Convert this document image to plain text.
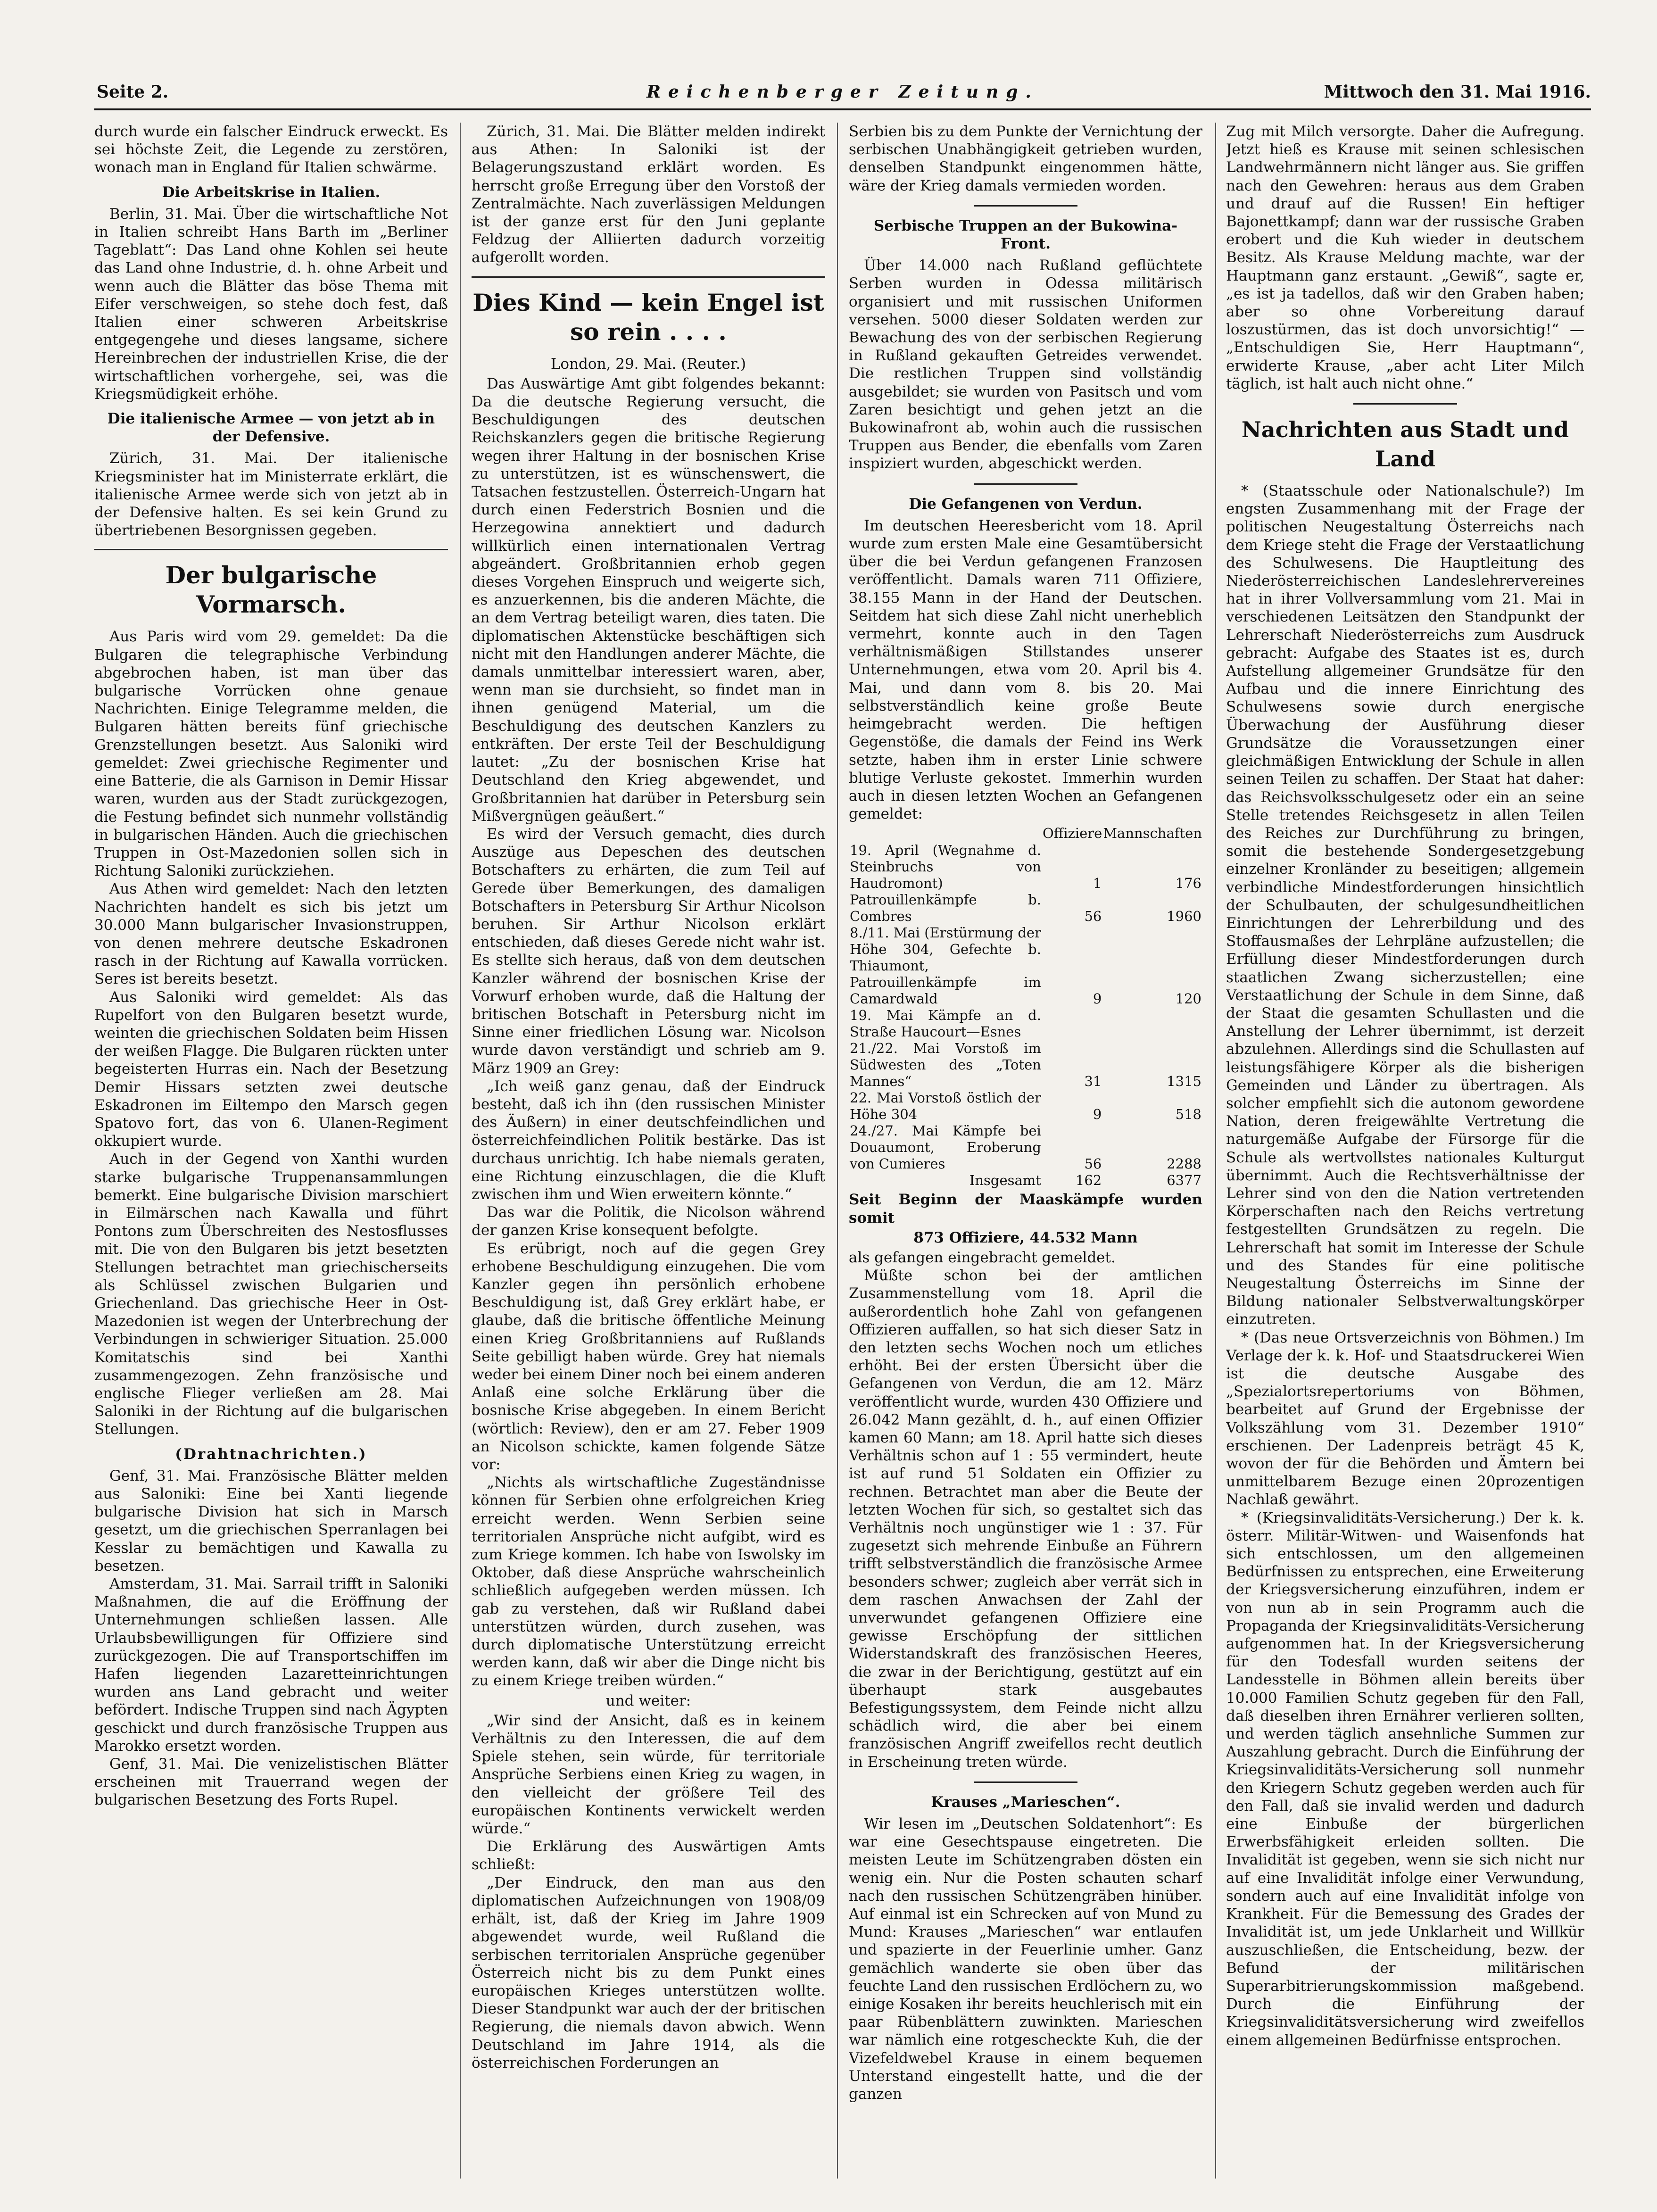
Seite 2.	Reichenberger Zeitung.	Mittwoch den 31. Mai 1916.

durch wurde ein falscher Eindruck erweckt. Es sei höchste Zeit, die Legende zu zerstören, wonach man in England für Italien schwärme.

Die Arbeitskrise in Italien.

Berlin, 31. Mai. Über die wirtschaftliche Not in Italien schreibt Hans Barth im „Berliner Tageblatt“: Das Land ohne Kohlen sei heute das Land ohne Industrie, d. h. ohne Arbeit und wenn auch die Blätter das böse Thema mit Eifer verschweigen, so stehe doch fest, daß Italien einer schweren Arbeitskrise entgegengehe und dieses langsame, sichere Hereinbrechen der industriellen Krise, die der wirtschaftlichen vorhergehe, sei, was die Kriegsmüdigkeit erhöhe.

Die italienische Armee — von jetzt ab in der Defensive.

Zürich, 31. Mai. Der italienische Kriegsminister hat im Ministerrate erklärt, die italienische Armee werde sich von jetzt ab in der Defensive halten. Es sei kein Grund zu übertriebenen Besorgnissen gegeben.

Der bulgarische Vormarsch.

Aus Paris wird vom 29. gemeldet: Da die Bulgaren die telegraphische Verbindung abgebrochen haben, ist man über das bulgarische Vorrücken ohne genaue Nachrichten. Einige Telegramme melden, die Bulgaren hätten bereits fünf griechische Grenzstellungen besetzt. Aus Saloniki wird gemeldet: Zwei griechische Regimenter und eine Batterie, die als Garnison in Demir Hissar waren, wurden aus der Stadt zurückgezogen, die Festung befindet sich nunmehr vollständig in bulgarischen Händen. Auch die griechischen Truppen in Ost-Mazedonien sollen sich in Richtung Saloniki zurückziehen.

Aus Athen wird gemeldet: Nach den letzten Nachrichten handelt es sich bis jetzt um 30.000 Mann bulgarischer Invasionstruppen, von denen mehrere deutsche Eskadronen rasch in der Richtung auf Kawalla vorrücken. Seres ist bereits besetzt.

Aus Saloniki wird gemeldet: Als das Rupelfort von den Bulgaren besetzt wurde, weinten die griechischen Soldaten beim Hissen der weißen Flagge. Die Bulgaren rückten unter begeisterten Hurras ein. Nach der Besetzung Demir Hissars setzten zwei deutsche Eskadronen im Eiltempo den Marsch gegen Spatovo fort, das von 6. Ulanen-Regiment okkupiert wurde.

Auch in der Gegend von Xanthi wurden starke bulgarische Truppenansammlungen bemerkt. Eine bulgarische Division marschiert in Eilmärschen nach Kawalla und führt Pontons zum Überschreiten des Nestosflusses mit. Die von den Bulgaren bis jetzt besetzten Stellungen betrachtet man griechischerseits als Schlüssel zwischen Bulgarien und Griechenland. Das griechische Heer in Ost-Mazedonien ist wegen der Unterbrechung der Verbindungen in schwieriger Situation. 25.000 Komitatschis sind bei Xanthi zusammengezogen. Zehn französische und englische Flieger verließen am 28. Mai Saloniki in der Richtung auf die bulgarischen Stellungen.

(Drahtnachrichten.)

Genf, 31. Mai. Französische Blätter melden aus Saloniki: Eine bei Xanti liegende bulgarische Division hat sich in Marsch gesetzt, um die griechischen Sperranlagen bei Kesslar zu bemächtigen und Kawalla zu besetzen.

Amsterdam, 31. Mai. Sarrail trifft in Saloniki Maßnahmen, die auf die Eröffnung der Unternehmungen schließen lassen. Alle Urlaubsbewilligungen für Offiziere sind zurückgezogen. Die auf Transportschiffen im Hafen liegenden Lazaretteinrichtungen wurden ans Land gebracht und weiter befördert. Indische Truppen sind nach Ägypten geschickt und durch französische Truppen aus Marokko ersetzt worden.

Genf, 31. Mai. Die venizelistischen Blätter erscheinen mit Trauerrand wegen der bulgarischen Besetzung des Forts Rupel.

Zürich, 31. Mai. Die Blätter melden indirekt aus Athen: In Saloniki ist der Belagerungszustand erklärt worden. Es herrscht große Erregung über den Vorstoß der Zentralmächte. Nach zuverlässigen Meldungen ist der ganze erst für den Juni geplante Feldzug der Alliierten dadurch vorzeitig aufgerollt worden.

Dies Kind — kein Engel ist so rein . . . .

London, 29. Mai. (Reuter.)

Das Auswärtige Amt gibt folgendes bekannt: Da die deutsche Regierung versucht, die Beschuldigungen des deutschen Reichskanzlers gegen die britische Regierung wegen ihrer Haltung in der bosnischen Krise zu unterstützen, ist es wünschenswert, die Tatsachen festzustellen. Österreich-Ungarn hat durch einen Federstrich Bosnien und die Herzegowina annektiert und dadurch willkürlich einen internationalen Vertrag abgeändert. Großbritannien erhob gegen dieses Vorgehen Einspruch und weigerte sich, es anzuerkennen, bis die anderen Mächte, die an dem Vertrag beteiligt waren, dies taten. Die diplomatischen Aktenstücke beschäftigen sich nicht mit den Handlungen anderer Mächte, die damals unmittelbar interessiert waren, aber, wenn man sie durchsieht, so findet man in ihnen genügend Material, um die Beschuldigung des deutschen Kanzlers zu entkräften. Der erste Teil der Beschuldigung lautet: „Zu der bosnischen Krise hat Deutschland den Krieg abgewendet, und Großbritannien hat darüber in Petersburg sein Mißvergnügen geäußert.“

Es wird der Versuch gemacht, dies durch Auszüge aus Depeschen des deutschen Botschafters zu erhärten, die zum Teil auf Gerede über Bemerkungen, des damaligen Botschafters in Petersburg Sir Arthur Nicolson beruhen. Sir Arthur Nicolson erklärt entschieden, daß dieses Gerede nicht wahr ist. Es stellte sich heraus, daß von dem deutschen Kanzler während der bosnischen Krise der Vorwurf erhoben wurde, daß die Haltung der britischen Botschaft in Petersburg nicht im Sinne einer friedlichen Lösung war. Nicolson wurde davon verständigt und schrieb am 9. März 1909 an Grey:

„Ich weiß ganz genau, daß der Eindruck besteht, daß ich ihn (den russischen Minister des Äußern) in einer deutschfeindlichen und österreichfeindlichen Politik bestärke. Das ist durchaus unrichtig. Ich habe niemals geraten, eine Richtung einzuschlagen, die die Kluft zwischen ihm und Wien erweitern könnte.“

Das war die Politik, die Nicolson während der ganzen Krise konsequent befolgte.

Es erübrigt, noch auf die gegen Grey erhobene Beschuldigung einzugehen. Die vom Kanzler gegen ihn persönlich erhobene Beschuldigung ist, daß Grey erklärt habe, er glaube, daß die britische öffentliche Meinung einen Krieg Großbritanniens auf Rußlands Seite gebilligt haben würde. Grey hat niemals weder bei einem Diner noch bei einem anderen Anlaß eine solche Erklärung über die bosnische Krise abgegeben. In einem Bericht (wörtlich: Review), den er am 27. Feber 1909 an Nicolson schickte, kamen folgende Sätze vor:

„Nichts als wirtschaftliche Zugeständnisse können für Serbien ohne erfolgreichen Krieg erreicht werden. Wenn Serbien seine territorialen Ansprüche nicht aufgibt, wird es zum Kriege kommen. Ich habe von Iswolsky im Oktober, daß diese Ansprüche wahrscheinlich schließlich aufgegeben werden müssen. Ich gab zu verstehen, daß wir Rußland dabei unterstützen würden, durch zusehen, was durch diplomatische Unterstützung erreicht werden kann, daß wir aber die Dinge nicht bis zu einem Kriege treiben würden.“

und weiter:

„Wir sind der Ansicht, daß es in keinem Verhältnis zu den Interessen, die auf dem Spiele stehen, sein würde, für territoriale Ansprüche Serbiens einen Krieg zu wagen, in den vielleicht der größere Teil des europäischen Kontinents verwickelt werden würde.“

Die Erklärung des Auswärtigen Amts schließt:

„Der Eindruck, den man aus den diplomatischen Aufzeichnungen von 1908/09 erhält, ist, daß der Krieg im Jahre 1909 abgewendet wurde, weil Rußland die serbischen territorialen Ansprüche gegenüber Österreich nicht bis zu dem Punkt eines europäischen Krieges unterstützen wollte. Dieser Standpunkt war auch der der britischen Regierung, die niemals davon abwich. Wenn Deutschland im Jahre 1914, als die österreichischen Forderungen an

Serbien bis zu dem Punkte der Vernichtung der serbischen Unabhängigkeit getrieben wurden, denselben Standpunkt eingenommen hätte, wäre der Krieg damals vermieden worden.

Serbische Truppen an der Bukowina-Front.

Über 14.000 nach Rußland geflüchtete Serben wurden in Odessa militärisch organisiert und mit russischen Uniformen versehen. 5000 dieser Soldaten werden zur Bewachung des von der serbischen Regierung in Rußland gekauften Getreides verwendet. Die restlichen Truppen sind vollständig ausgebildet; sie wurden von Pasitsch und vom Zaren besichtigt und gehen jetzt an die Bukowinafront ab, wohin auch die russischen Truppen aus Bender, die ebenfalls vom Zaren inspiziert wurden, abgeschickt werden.

Die Gefangenen von Verdun.

Im deutschen Heeresbericht vom 18. April wurde zum ersten Male eine Gesamtübersicht über die bei Verdun gefangenen Franzosen veröffentlicht. Damals waren 711 Offiziere, 38.155 Mann in der Hand der Deutschen. Seitdem hat sich diese Zahl nicht unerheblich vermehrt, konnte auch in den Tagen verhältnismäßigen Stillstandes unserer Unternehmungen, etwa vom 20. April bis 4. Mai, und dann vom 8. bis 20. Mai selbstverständlich keine große Beute heimgebracht werden. Die heftigen Gegenstöße, die damals der Feind ins Werk setzte, haben ihm in erster Linie schwere blutige Verluste gekostet. Immerhin wurden auch in diesen letzten Wochen an Gefangenen gemeldet:

	Offiziere	Mannschaften
19. April (Wegnahme d. Steinbruchs von Haudromont)	1	176
Patrouillenkämpfe b. Combres	56	1960
8./11. Mai (Erstürmung der Höhe 304, Gefechte b. Thiaumont, Patrouillenkämpfe im Camardwald	9	120
19. Mai Kämpfe an d. Straße Haucourt—Esnes		
21./22. Mai Vorstoß im Südwesten des „Toten Mannes“	31	1315
22. Mai Vorstoß östlich der Höhe 304	9	518
24./27. Mai Kämpfe bei Douaumont, Eroberung von Cumieres	56	2288
Insgesamt	162	6377

Seit Beginn der Maaskämpfe wurden somit

873 Offiziere, 44.532 Mann

als gefangen eingebracht gemeldet.

Müßte schon bei der amtlichen Zusammenstellung vom 18. April die außerordentlich hohe Zahl von gefangenen Offizieren auffallen, so hat sich dieser Satz in den letzten sechs Wochen noch um etliches erhöht. Bei der ersten Übersicht über die Gefangenen von Verdun, die am 12. März veröffentlicht wurde, wurden 430 Offiziere und 26.042 Mann gezählt, d. h., auf einen Offizier kamen 60 Mann; am 18. April hatte sich dieses Verhältnis schon auf 1 : 55 vermindert, heute ist auf rund 51 Soldaten ein Offizier zu rechnen. Betrachtet man aber die Beute der letzten Wochen für sich, so gestaltet sich das Verhältnis noch ungünstiger wie 1 : 37. Für zugesetzt sich mehrende Einbuße an Führern trifft selbstverständlich die französische Armee besonders schwer; zugleich aber verrät sich in dem raschen Anwachsen der Zahl der unverwundet gefangenen Offiziere eine gewisse Erschöpfung der sittlichen Widerstandskraft des französischen Heeres, die zwar in der Berichtigung, gestützt auf ein überhaupt stark ausgebautes Befestigungssystem, dem Feinde nicht allzu schädlich wird, die aber bei einem französischen Angriff zweifellos recht deutlich in Erscheinung treten würde.

Krauses „Marieschen“.

Wir lesen im „Deutschen Soldatenhort“: Es war eine Gesechtspause eingetreten. Die meisten Leute im Schützengraben dösten ein wenig ein. Nur die Posten schauten scharf nach den russischen Schützengräben hinüber. Auf einmal ist ein Schrecken auf von Mund zu Mund: Krauses „Marieschen“ war entlaufen und spazierte in der Feuerlinie umher. Ganz gemächlich wanderte sie oben über das feuchte Land den russischen Erdlöchern zu, wo einige Kosaken ihr bereits heuchlerisch mit ein paar Rübenblättern zuwinkten. Marieschen war nämlich eine rotgescheckte Kuh, die der Vizefeldwebel Krause in einem bequemen Unterstand eingestellt hatte, und die der ganzen

Zug mit Milch versorgte. Daher die Aufregung. Jetzt hieß es Krause mit seinen schlesischen Landwehrmännern nicht länger aus. Sie griffen nach den Gewehren: heraus aus dem Graben und drauf auf die Russen! Ein heftiger Bajonettkampf; dann war der russische Graben erobert und die Kuh wieder in deutschem Besitz. Als Krause Meldung machte, war der Hauptmann ganz erstaunt. „Gewiß“, sagte er, „es ist ja tadellos, daß wir den Graben haben; aber so ohne Vorbereitung darauf loszustürmen, das ist doch unvorsichtig!“ — „Entschuldigen Sie, Herr Hauptmann“, erwiderte Krause, „aber acht Liter Milch täglich, ist halt auch nicht ohne.“

Nachrichten aus Stadt und Land

* (Staatsschule oder Nationalschule?) Im engsten Zusammenhang mit der Frage der politischen Neugestaltung Österreichs nach dem Kriege steht die Frage der Verstaatlichung des Schulwesens. Die Hauptleitung des Niederösterreichischen Landeslehrervereines hat in ihrer Vollversammlung vom 21. Mai in verschiedenen Leitsätzen den Standpunkt der Lehrerschaft Niederösterreichs zum Ausdruck gebracht: Aufgabe des Staates ist es, durch Aufstellung allgemeiner Grundsätze für den Aufbau und die innere Einrichtung des Schulwesens sowie durch energische Überwachung der Ausführung dieser Grundsätze die Voraussetzungen einer gleichmäßigen Entwicklung der Schule in allen seinen Teilen zu schaffen. Der Staat hat daher: das Reichsvolksschulgesetz oder ein an seine Stelle tretendes Reichsgesetz in allen Teilen des Reiches zur Durchführung zu bringen, somit die bestehende Sondergesetzgebung einzelner Kronländer zu beseitigen; allgemein verbindliche Mindestforderungen hinsichtlich der Schulbauten, der schulgesundheitlichen Einrichtungen der Lehrerbildung und des Stoffausmaßes der Lehrpläne aufzustellen; die Erfüllung dieser Mindestforderungen durch staatlichen Zwang sicherzustellen; eine Verstaatlichung der Schule in dem Sinne, daß der Staat die gesamten Schullasten und die Anstellung der Lehrer übernimmt, ist derzeit abzulehnen. Allerdings sind die Schullasten auf leistungsfähigere Körper als die bisherigen Gemeinden und Länder zu übertragen. Als solcher empfiehlt sich die autonom gewordene Nation, deren freigewählte Vertretung die naturgemäße Aufgabe der Fürsorge für die Schule als wertvollstes nationales Kulturgut übernimmt. Auch die Rechtsverhältnisse der Lehrer sind von den die Nation vertretenden Körperschaften nach den Reichs vertretung festgestellten Grundsätzen zu regeln. Die Lehrerschaft hat somit im Interesse der Schule und des Standes für eine politische Neugestaltung Österreichs im Sinne der Bildung nationaler Selbstverwaltungskörper einzutreten.

* (Das neue Ortsverzeichnis von Böhmen.) Im Verlage der k. k. Hof- und Staatsdruckerei Wien ist die deutsche Ausgabe des „Spezialortsrepertoriums von Böhmen, bearbeitet auf Grund der Ergebnisse der Volkszählung vom 31. Dezember 1910“ erschienen. Der Ladenpreis beträgt 45 K, wovon der für die Behörden und Ämtern bei unmittelbarem Bezuge einen 20prozentigen Nachlaß gewährt.

* (Kriegsinvaliditäts-Versicherung.) Der k. k. österr. Militär-Witwen- und Waisenfonds hat sich entschlossen, um den allgemeinen Bedürfnissen zu entsprechen, eine Erweiterung der Kriegsversicherung einzuführen, indem er von nun ab in sein Programm auch die Propaganda der Kriegsinvaliditäts-Versicherung aufgenommen hat. In der Kriegsversicherung für den Todesfall wurden seitens der Landesstelle in Böhmen allein bereits über 10.000 Familien Schutz gegeben für den Fall, daß dieselben ihren Ernährer verlieren sollten, und werden täglich ansehnliche Summen zur Auszahlung gebracht. Durch die Einführung der Kriegsinvaliditäts-Versicherung soll nunmehr den Kriegern Schutz gegeben werden auch für den Fall, daß sie invalid werden und dadurch eine Einbuße der bürgerlichen Erwerbsfähigkeit erleiden sollten. Die Invalidität ist gegeben, wenn sie sich nicht nur auf eine Invalidität infolge einer Verwundung, sondern auch auf eine Invalidität infolge von Krankheit. Für die Bemessung des Grades der Invalidität ist, um jede Unklarheit und Willkür auszuschließen, die Entscheidung, bezw. der Befund der militärischen Superarbitrierungskommission maßgebend. Durch die Einführung der Kriegsinvaliditätsversicherung wird zweifellos einem allgemeinen Bedürfnisse entsprochen.
